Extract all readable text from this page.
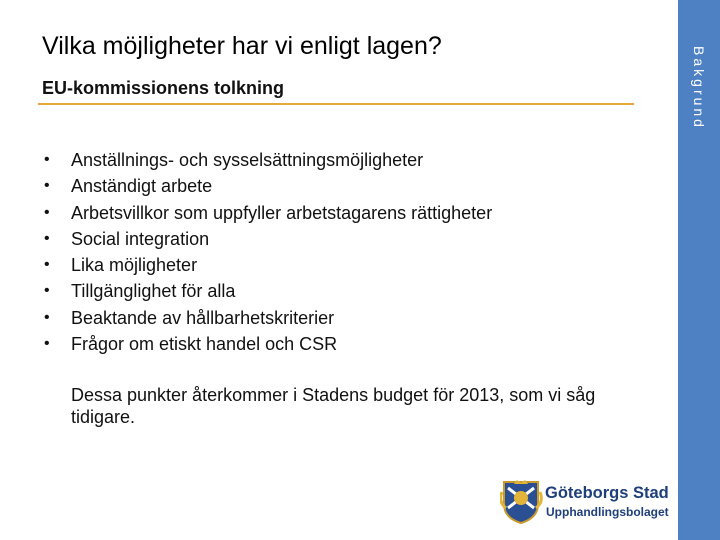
Vilka möjligheter har vi enligt lagen?
EU-kommissionens tolkning	Bakgrund
• Anställnings- och sysselsättningsmöjligheter
• Anständigt arbete
• Arbetsvillkor som uppfyller arbetstagarens rättigheter
• Social integration
• Lika möjligheter
• Tillgänglighet för alla
• Beaktande av hållbarhetskriterier
• Frågor om etiskt handel och CSR
Dessa punkter återkommer i Stadens budget för 2013, som vi såg tidigare.
Göteborgs Stad
Upphandlingsbolaget
